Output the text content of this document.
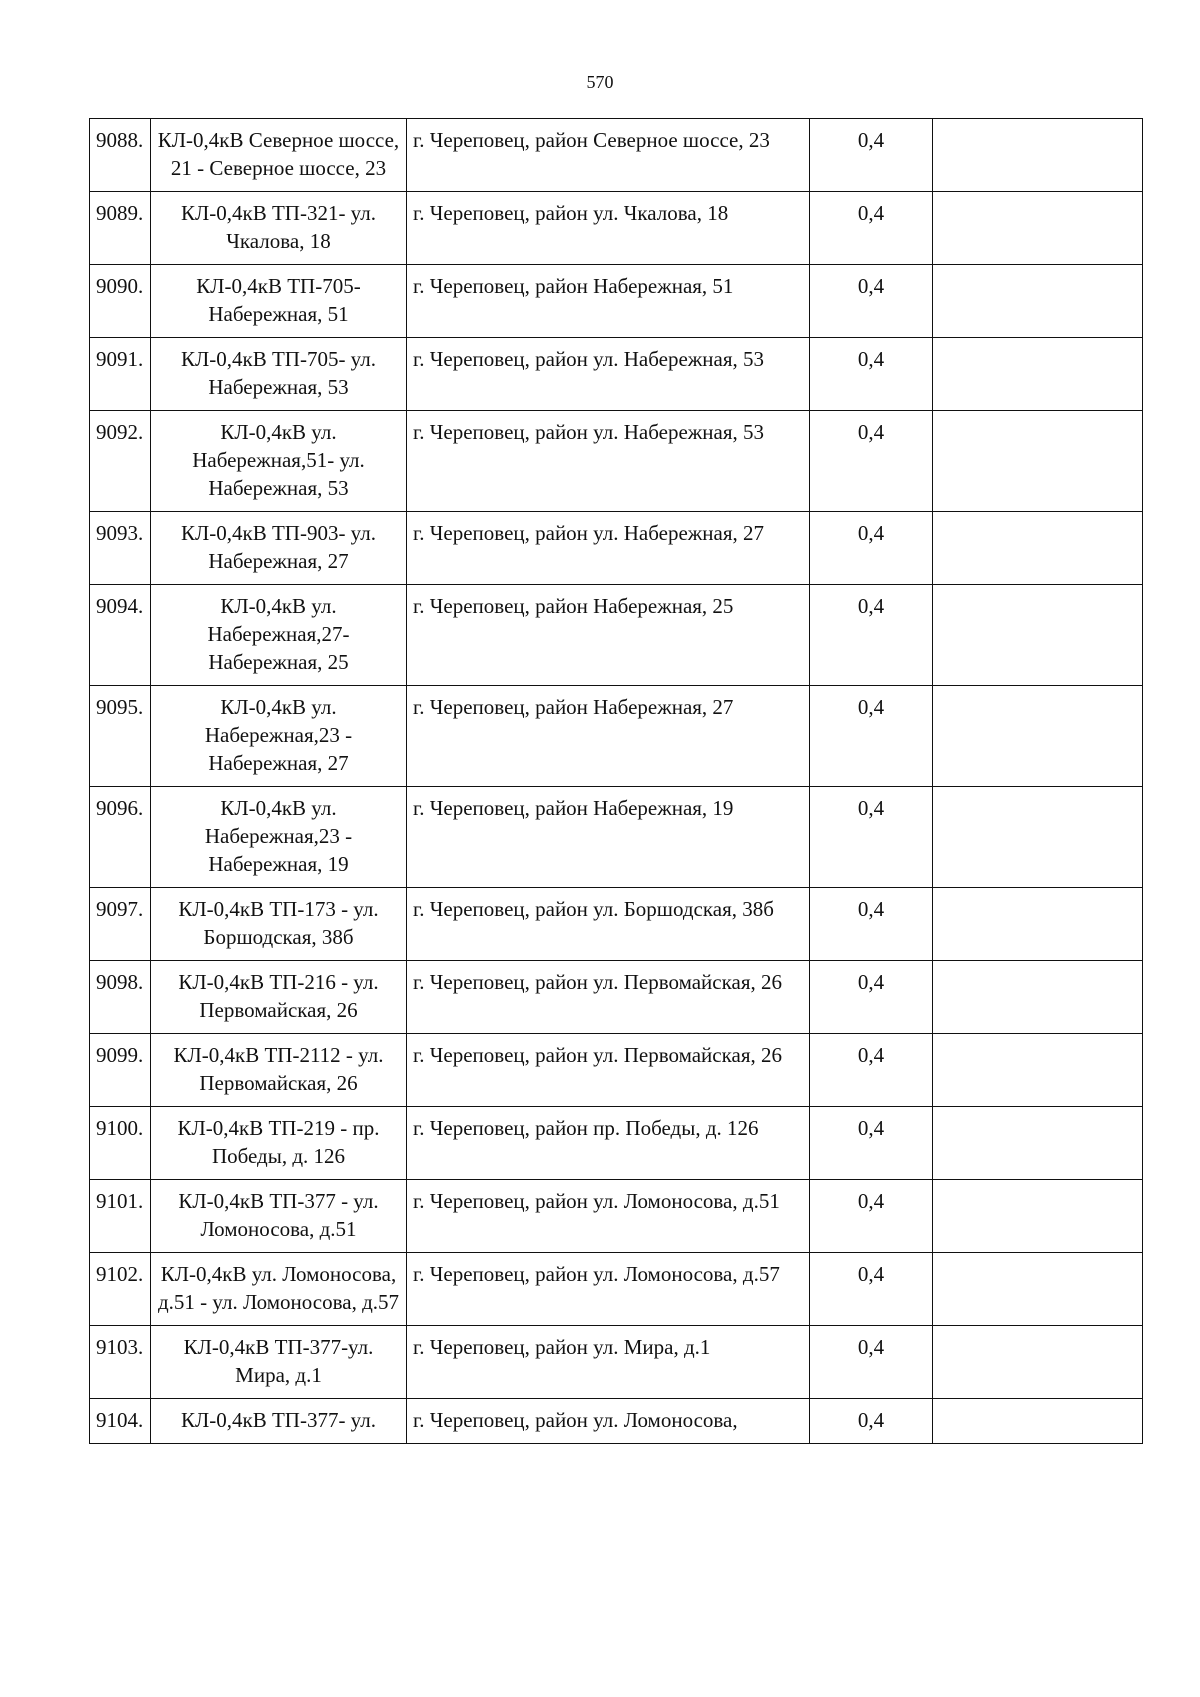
570
9088.	КЛ-0,4кВ Северное шоссе, 21 - Северное шоссе, 23	г. Череповец, район Северное шоссе, 23	0,4	
9089.	КЛ-0,4кВ ТП-321- ул. Чкалова, 18	г. Череповец, район ул. Чкалова, 18	0,4	
9090.	КЛ-0,4кВ ТП-705-Набережная, 51	г. Череповец, район Набережная, 51	0,4	
9091.	КЛ-0,4кВ ТП-705- ул. Набережная, 53	г. Череповец, район ул. Набережная, 53	0,4	
9092.	КЛ-0,4кВ ул. Набережная,51- ул. Набережная, 53	г. Череповец, район ул. Набережная, 53	0,4	
9093.	КЛ-0,4кВ ТП-903- ул. Набережная, 27	г. Череповец, район ул. Набережная, 27	0,4	
9094.	КЛ-0,4кВ ул. Набережная,27-Набережная, 25	г. Череповец, район Набережная, 25	0,4	
9095.	КЛ-0,4кВ ул. Набережная,23 - Набережная, 27	г. Череповец, район Набережная, 27	0,4	
9096.	КЛ-0,4кВ ул. Набережная,23 - Набережная, 19	г. Череповец, район Набережная, 19	0,4	
9097.	КЛ-0,4кВ ТП-173 - ул. Боршодская, 38б	г. Череповец, район ул. Боршодская, 38б	0,4	
9098.	КЛ-0,4кВ ТП-216 - ул. Первомайская, 26	г. Череповец, район ул. Первомайская, 26	0,4	
9099.	КЛ-0,4кВ ТП-2112 - ул. Первомайская, 26	г. Череповец, район ул. Первомайская, 26	0,4	
9100.	КЛ-0,4кВ ТП-219 - пр. Победы, д. 126	г. Череповец, район пр. Победы, д. 126	0,4	
9101.	КЛ-0,4кВ ТП-377 - ул. Ломоносова, д.51	г. Череповец, район ул. Ломоносова, д.51	0,4	
9102.	КЛ-0,4кВ ул. Ломоносова, д.51 - ул. Ломоносова, д.57	г. Череповец, район ул. Ломоносова, д.57	0,4	
9103.	КЛ-0,4кВ ТП-377-ул. Мира, д.1	г. Череповец, район ул. Мира, д.1	0,4	
9104.	КЛ-0,4кВ ТП-377- ул.	г. Череповец, район ул. Ломоносова,	0,4	
